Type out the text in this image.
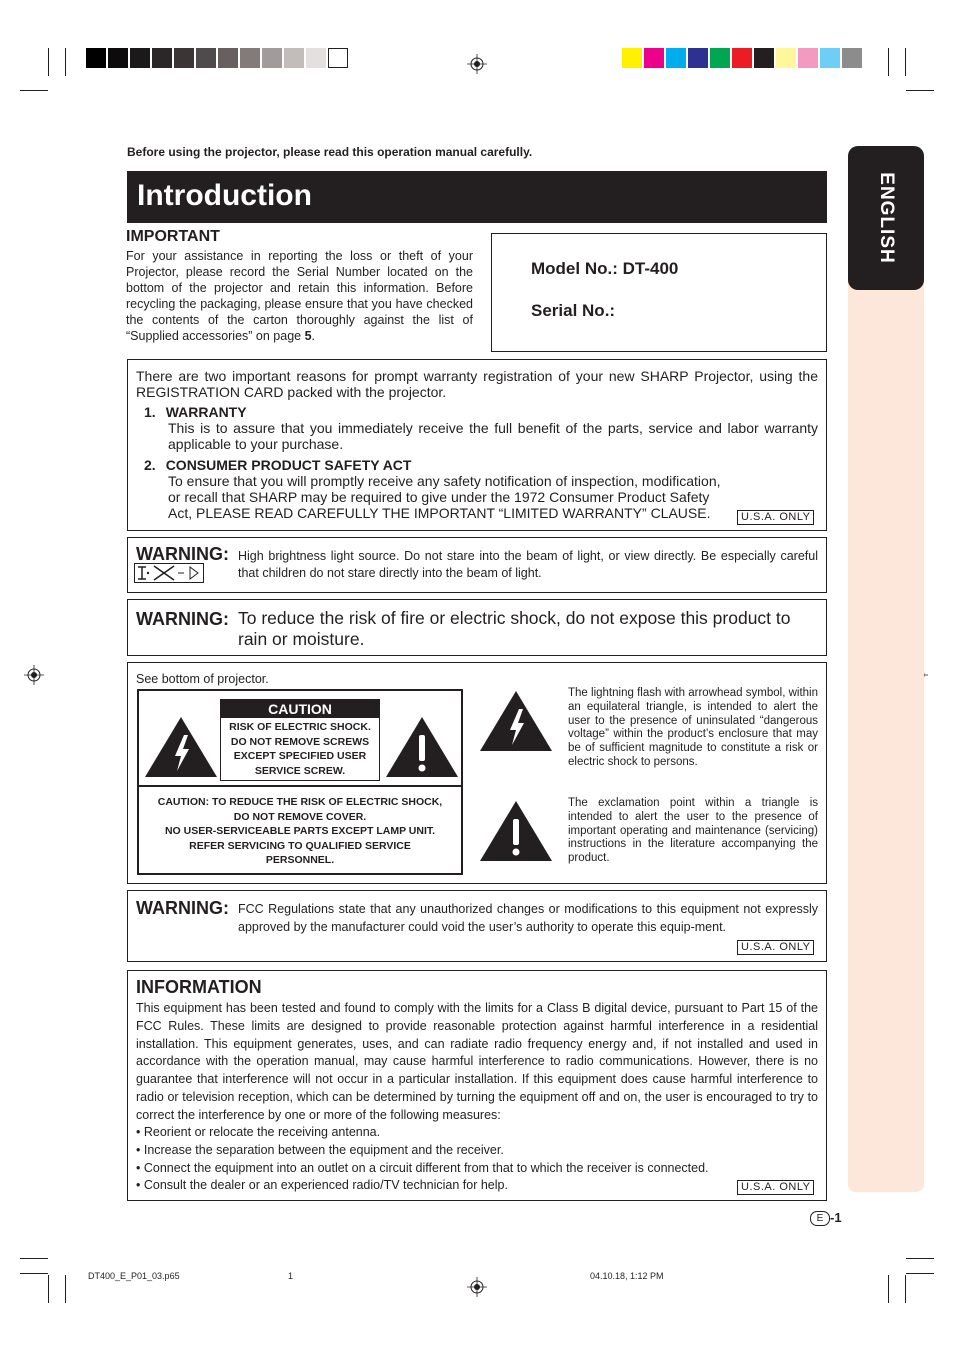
ENGLISH
Before using the projector, please read this operation manual carefully.
Introduction
IMPORTANT

For your assistance in reporting the loss or theft of your Projector, please record the Serial Number located on the bottom of the projector and retain this information. Before recycling the packaging, please ensure that you have checked the contents of the carton thoroughly against the list of “Supplied accessories” on page 5.

Model No.: DT-400
Serial No.:

There are two important reasons for prompt warranty registration of your new SHARP Projector, using the REGISTRATION CARD packed with the projector.

1. WARRANTY

This is to assure that you immediately receive the full benefit of the parts, service and labor warranty applicable to your purchase.

2. CONSUMER PRODUCT SAFETY ACT

To ensure that you will promptly receive any safety notification of inspection, modification, or recall that SHARP may be required to give under the 1972 Consumer Product Safety Act, PLEASE READ CAREFULLY THE IMPORTANT “LIMITED WARRANTY” CLAUSE.	U.S.A. ONLY
WARNING: High brightness light source. Do not stare into the beam of light, or view directly. Be especially careful that children do not stare directly into the beam of light.

WARNING: To reduce the risk of fire or electric shock, do not expose this product to rain or moisture.

See bottom of projector.
CAUTION
RISK OF ELECTRIC SHOCK.
DO NOT REMOVE SCREWS
EXCEPT SPECIFIED USER
SERVICE SCREW.
CAUTION: TO REDUCE THE RISK OF ELECTRIC SHOCK,
DO NOT REMOVE COVER.
NO USER-SERVICEABLE PARTS EXCEPT LAMP UNIT.
REFER SERVICING TO QUALIFIED SERVICE
PERSONNEL.

The lightning flash with arrowhead symbol, within an equilateral triangle, is intended to alert the user to the presence of uninsulated “dangerous voltage” within the product’s enclosure that may be of sufficient magnitude to constitute a risk or electric shock to persons.

The exclamation point within a triangle is intended to alert the user to the presence of important operating and maintenance (servicing) instructions in the literature accompanying the product.

WARNING: FCC Regulations state that any unauthorized changes or modifications to this equipment not expressly approved by the manufacturer could void the user’s authority to operate this equip-ment.

U.S.A. ONLY
INFORMATION

This equipment has been tested and found to comply with the limits for a Class B digital device, pursuant to Part 15 of the FCC Rules. These limits are designed to provide reasonable protection against harmful interference in a residential installation. This equipment generates, uses, and can radiate radio frequency energy and, if not installed and used in accordance with the operation manual, may cause harmful interference to radio communications. However, there is no guarantee that interference will not occur in a particular installation. If this equipment does cause harmful interference to radio or television reception, which can be determined by turning the equipment off and on, the user is encouraged to try to correct the interference by one or more of the following measures:

• Reorient or relocate the receiving antenna.
• Increase the separation between the equipment and the receiver.
• Connect the equipment into an outlet on a circuit different from that to which the receiver is connected.
• Consult the dealer or an experienced radio/TV technician for help.	U.S.A. ONLY
E -1
DT400_E_P01_03.p65	1	04.10.18, 1:12 PM
